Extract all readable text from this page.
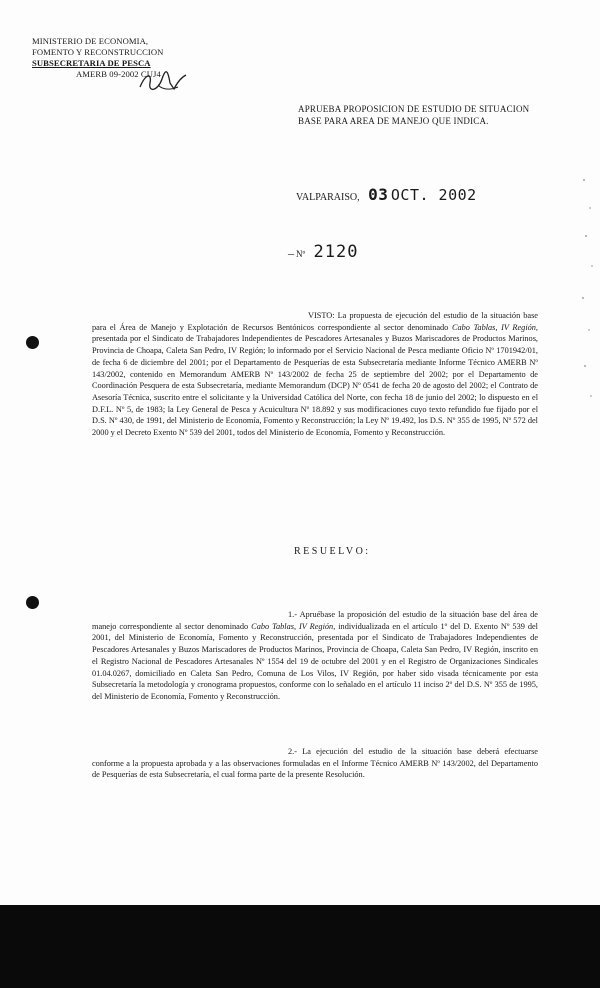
MINISTERIO DE ECONOMIA,
FOMENTO Y RECONSTRUCCION
SUBSECRETARIA DE PESCA
AMERB 09-2002 CUJ4
APRUEBA PROPOSICION DE ESTUDIO DE SITUACION BASE PARA AREA DE MANEJO QUE INDICA.
VALPARAISO, 03 OCT. 2002
– Nº 2120
VISTO: La propuesta de ejecución del estudio de la situación base para el Área de Manejo y Explotación de Recursos Bentónicos correspondiente al sector denominado Cabo Tablas, IV Región, presentada por el Sindicato de Trabajadores Independientes de Pescadores Artesanales y Buzos Mariscadores de Productos Marinos, Provincia de Choapa, Caleta San Pedro, IV Región; lo informado por el Servicio Nacional de Pesca mediante Oficio Nº 1701942/01, de fecha 6 de diciembre del 2001; por el Departamento de Pesquerías de esta Subsecretaría mediante Informe Técnico AMERB Nº 143/2002, contenido en Memorandum AMERB Nº 143/2002 de fecha 25 de septiembre del 2002; por el Departamento de Coordinación Pesquera de esta Subsecretaría, mediante Memorandum (DCP) Nº 0541 de fecha 20 de agosto del 2002; el Contrato de Asesoría Técnica, suscrito entre el solicitante y la Universidad Católica del Norte, con fecha 18 de junio del 2002; lo dispuesto en el D.F.L. Nº 5, de 1983; la Ley General de Pesca y Acuicultura Nº 18.892 y sus modificaciones cuyo texto refundido fue fijado por el D.S. Nº 430, de 1991, del Ministerio de Economía, Fomento y Reconstrucción; la Ley Nº 19.492, los D.S. Nº 355 de 1995, Nº 572 del 2000 y el Decreto Exento Nº 539 del 2001, todos del Ministerio de Economía, Fomento y Reconstrucción.
RESUELVO:
1.- Apruébase la proposición del estudio de la situación base del área de manejo correspondiente al sector denominado Cabo Tablas, IV Región, individualizada en el artículo 1º del D. Exento Nº 539 del 2001, del Ministerio de Economía, Fomento y Reconstrucción, presentada por el Sindicato de Trabajadores Independientes de Pescadores Artesanales y Buzos Mariscadores de Productos Marinos, Provincia de Choapa, Caleta San Pedro, IV Región, inscrito en el Registro Nacional de Pescadores Artesanales Nº 1554 del 19 de octubre del 2001 y en el Registro de Organizaciones Sindicales 01.04.0267, domiciliado en Caleta San Pedro, Comuna de Los Vilos, IV Región, por haber sido visada técnicamente por esta Subsecretaría la metodología y cronograma propuestos, conforme con lo señalado en el artículo 11 inciso 2º del D.S. Nº 355 de 1995, del Ministerio de Economía, Fomento y Reconstrucción.
2.- La ejecución del estudio de la situación base deberá efectuarse conforme a la propuesta aprobada y a las observaciones formuladas en el Informe Técnico AMERB Nº 143/2002, del Departamento de Pesquerías de esta Subsecretaría, el cual forma parte de la presente Resolución.
